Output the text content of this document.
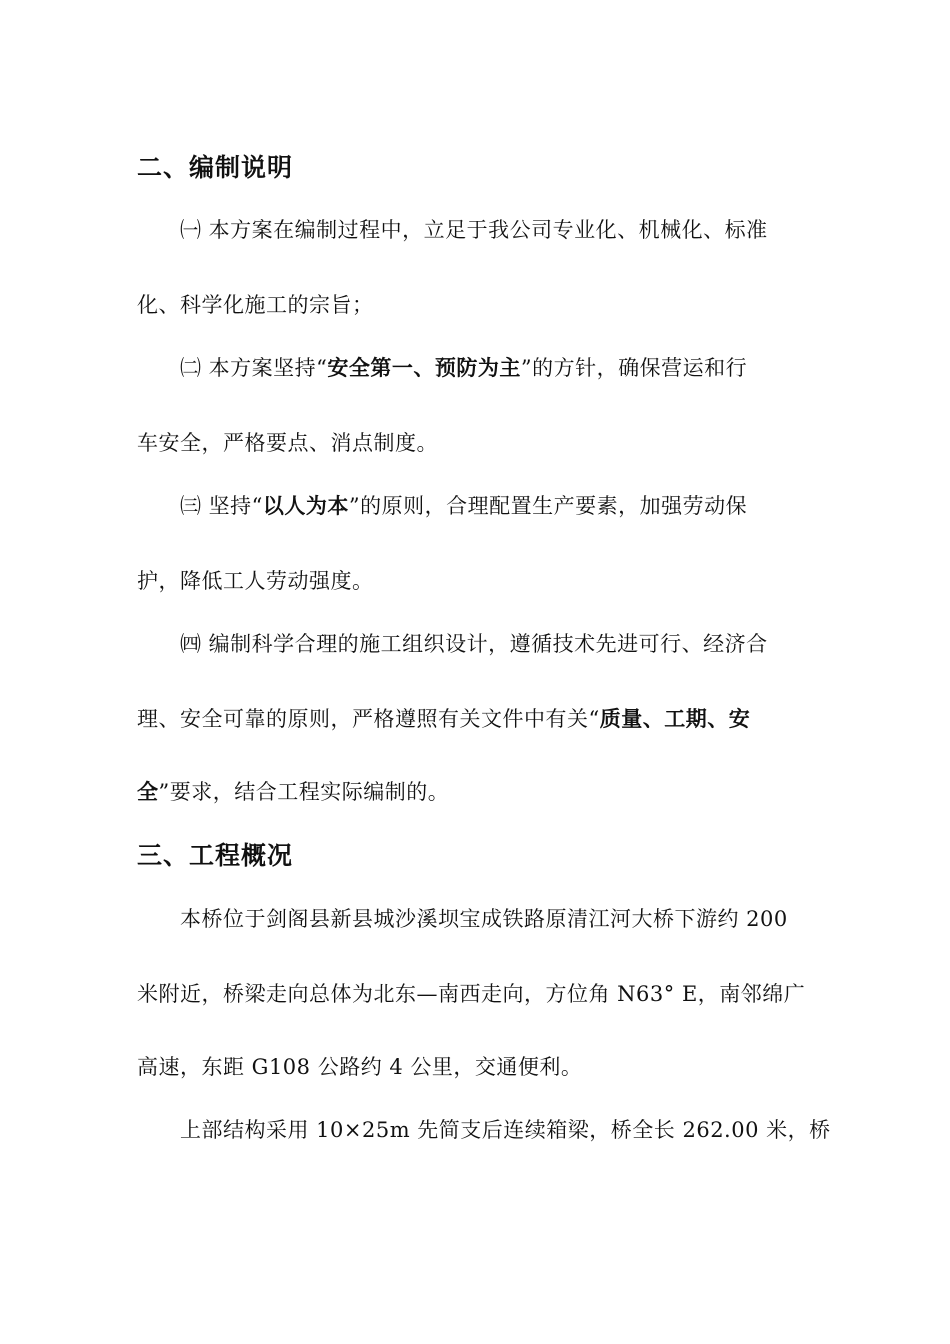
二、编制说明
㈠ 本方案在编制过程中，立足于我公司专业化、机械化、标准
化、科学化施工的宗旨；
㈡ 本方案坚持“安全第一、预防为主”的方针，确保营运和行
车安全，严格要点、消点制度。
㈢ 坚持“以人为本”的原则，合理配置生产要素，加强劳动保
护，降低工人劳动强度。
㈣ 编制科学合理的施工组织设计，遵循技术先进可行、经济合
理、安全可靠的原则，严格遵照有关文件中有关“质量、工期、安
全”要求，结合工程实际编制的。
三、工程概况
本桥位于剑阁县新县城沙溪坝宝成铁路原清江河大桥下游约 200
米附近，桥梁走向总体为北东—南西走向，方位角 N63° E，南邻绵广
高速，东距 G108 公路约 4 公里，交通便利。
上部结构采用 10×25m 先简支后连续箱梁，桥全长 262.00 米，桥
